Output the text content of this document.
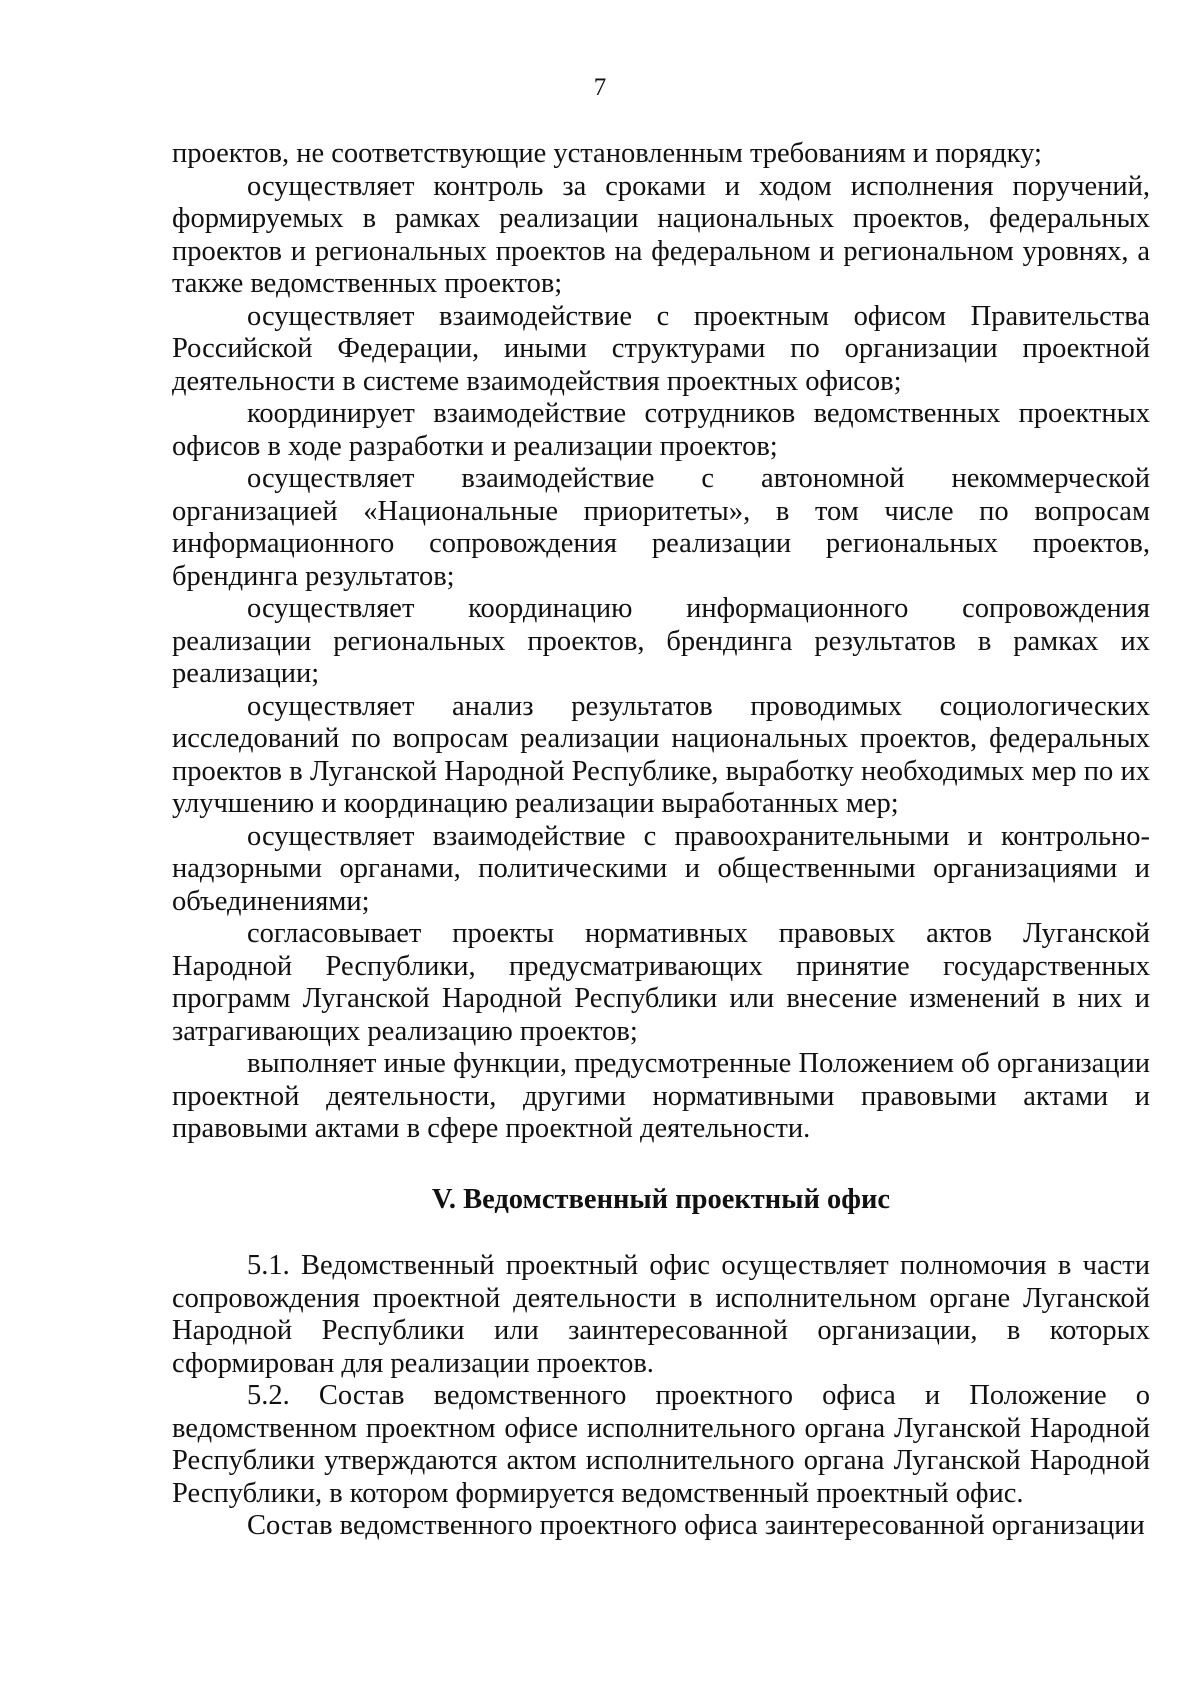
7

проектов, не соответствующие установленным требованиям и порядку;

осуществляет контроль за сроками и ходом исполнения поручений, формируемых в рамках реализации национальных проектов, федеральных проектов и региональных проектов на федеральном и региональном уровнях, а также ведомственных проектов;

осуществляет взаимодействие с проектным офисом Правительства Российской Федерации, иными структурами по организации проектной деятельности в системе взаимодействия проектных офисов;

координирует взаимодействие сотрудников ведомственных проектных офисов в ходе разработки и реализации проектов;

осуществляет взаимодействие с автономной некоммерческой организацией «Национальные приоритеты», в том числе по вопросам информационного сопровождения реализации региональных проектов, брендинга результатов;

осуществляет координацию информационного сопровождения реализации региональных проектов, брендинга результатов в рамках их реализации;

осуществляет анализ результатов проводимых социологических исследований по вопросам реализации национальных проектов, федеральных проектов в Луганской Народной Республике, выработку необходимых мер по их улучшению и координацию реализации выработанных мер;

осуществляет взаимодействие с правоохранительными и контрольно-надзорными органами, политическими и общественными организациями и объединениями;

согласовывает проекты нормативных правовых актов Луганской Народной Республики, предусматривающих принятие государственных программ Луганской Народной Республики или внесение изменений в них и затрагивающих реализацию проектов;

выполняет иные функции, предусмотренные Положением об организации проектной деятельности, другими нормативными правовыми актами и правовыми актами в сфере проектной деятельности.

V. Ведомственный проектный офис

5.1. Ведомственный проектный офис осуществляет полномочия в части сопровождения проектной деятельности в исполнительном органе Луганской Народной Республики или заинтересованной организации, в которых сформирован для реализации проектов.

5.2. Состав ведомственного проектного офиса и Положение о ведомственном проектном офисе исполнительного органа Луганской Народной Республики утверждаются актом исполнительного органа Луганской Народной Республики, в котором формируется ведомственный проектный офис.

Состав ведомственного проектного офиса заинтересованной организации
